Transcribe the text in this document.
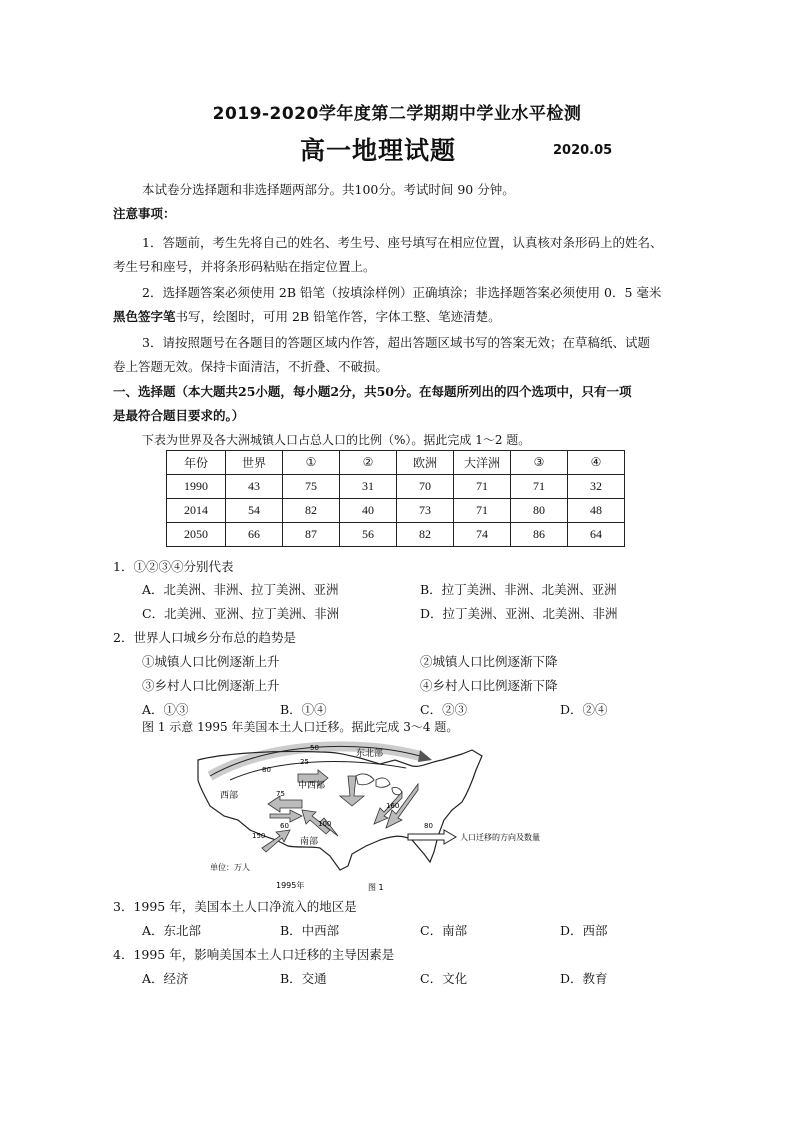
2019-2020学年度第二学期期中学业水平检测
高一地理试题	2020.05
本试卷分选择题和非选择题两部分。共100分。考试时间 90 分钟。
注意事项：
1．答题前，考生先将自己的姓名、考生号、座号填写在相应位置，认真核对条形码上的姓名、
考生号和座号，并将条形码粘贴在指定位置上。
2．选择题答案必须使用 2B 铅笔（按填涂样例）正确填涂；非选择题答案必须使用 0．5 毫米
黑色签字笔书写，绘图时，可用 2B 铅笔作答，字体工整、笔迹清楚。
3．请按照题号在各题目的答题区域内作答，超出答题区域书写的答案无效；在草稿纸、试题
卷上答题无效。保持卡面清洁，不折叠、不破损。
一、选择题（本大题共25小题，每小题2分，共50分。在每题所列出的四个选项中，只有一项
是最符合题目要求的。）
下表为世界及各大洲城镇人口占总人口的比例（%）。据此完成 1～2 题。
年份	世界	①	②	欧洲	大洋洲	③	④
1990	43	75	31	70	71	71	32
2014	54	82	40	73	71	80	48
2050	66	87	56	82	74	86	64
1．①②③④分别代表
A．北美洲、非洲、拉丁美洲、亚洲	B．拉丁美洲、非洲、北美洲、亚洲
C．北美洲、亚洲、拉丁美洲、非洲	D．拉丁美洲、亚洲、北美洲、非洲
2．世界人口城乡分布总的趋势是
①城镇人口比例逐渐上升	②城镇人口比例逐渐下降
③乡村人口比例逐渐上升	④乡村人口比例逐渐下降
A．①③	B．①④	C．②③	D．②④
图 1 示意 1995 年美国本土人口迁移。据此完成 3～4 题。
东北部
中西部
西部
南部
50
25
80
75
100
160
150
60	80
人口迁移的方向及数量
单位：万人
1995年	图 1
3．1995 年，美国本土人口净流入的地区是
A．东北部	B．中西部	C．南部	D．西部
4．1995 年，影响美国本土人口迁移的主导因素是
A．经济	B．交通	C．文化	D．教育
